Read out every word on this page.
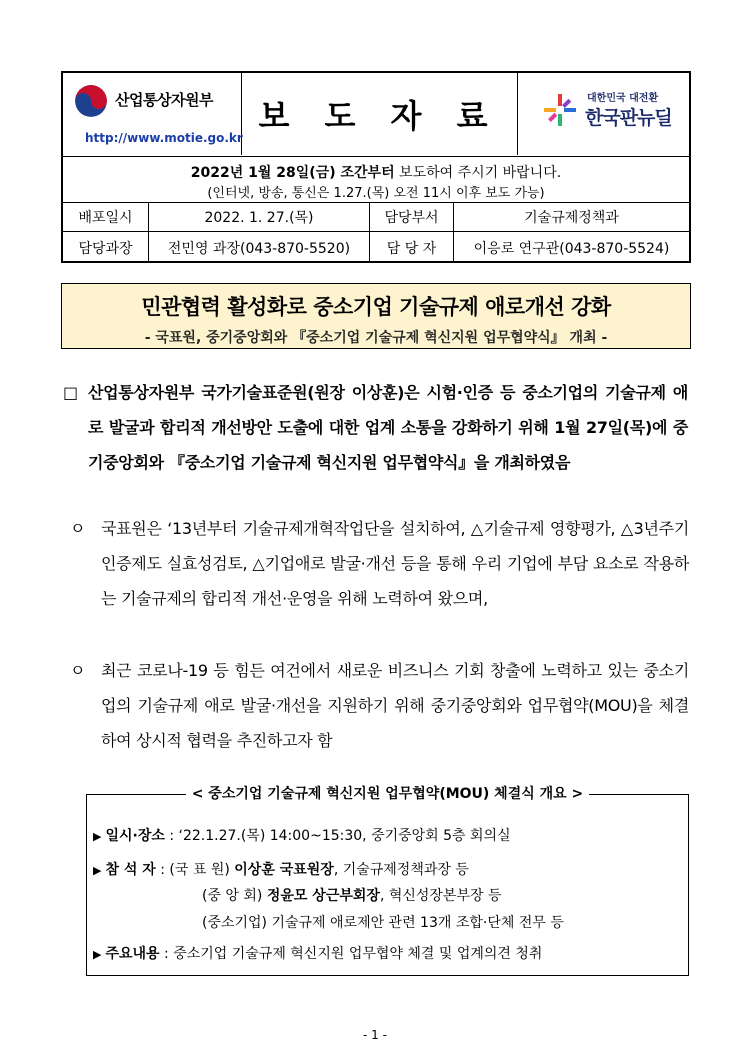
산업통상자원부
http://www.motie.go.kr
보 도 자 료	대한민국 대전환
한국판뉴딜
2022년 1월 28일(금) 조간부터 보도하여 주시기 바랍니다.
(인터넷, 방송, 통신은 1.27.(목) 오전 11시 이후 보도 가능)
배포일시	2022. 1. 27.(목)	담당부서	기술규제정책과
담당과장	전민영 과장(043-870-5520)	담 당 자	이응로 연구관(043-870-5524)
민관협력 활성화로 중소기업 기술규제 애로개선 강화
- 국표원, 중기중앙회와 『중소기업 기술규제 혁신지원 업무협약식』 개최 -
□ 산업통상자원부 국가기술표준원(원장 이상훈)은 시험·인증 등 중소기업의 기술규제 애로 발굴과 합리적 개선방안 도출에 대한 업계 소통을 강화하기 위해 1월 27일(목)에 중기중앙회와 『중소기업 기술규제 혁신지원 업무협약식』을 개최하였음
ㅇ 국표원은 ‘13년부터 기술규제개혁작업단을 설치하여, △기술규제 영향평가, △3년주기 인증제도 실효성검토, △기업애로 발굴·개선 등을 통해 우리 기업에 부담 요소로 작용하는 기술규제의 합리적 개선·운영을 위해 노력하여 왔으며,
ㅇ 최근 코로나-19 등 힘든 여건에서 새로운 비즈니스 기회 창출에 노력하고 있는 중소기업의 기술규제 애로 발굴·개선을 지원하기 위해 중기중앙회와 업무협약(MOU)을 체결하여 상시적 협력을 추진하고자 함
< 중소기업 기술규제 혁신지원 업무협약(MOU) 체결식 개요 >
▶ 일시·장소 : ‘22.1.27.(목) 14:00~15:30, 중기중앙회 5층 회의실
▶ 참 석 자 : (국 표 원) 이상훈 국표원장, 기술규제정책과장 등
(중 앙 회) 정윤모 상근부회장, 혁신성장본부장 등
(중소기업) 기술규제 애로제안 관련 13개 조합·단체 전무 등
▶ 주요내용 : 중소기업 기술규제 혁신지원 업무협약 체결 및 업계의견 청취
- 1 -
